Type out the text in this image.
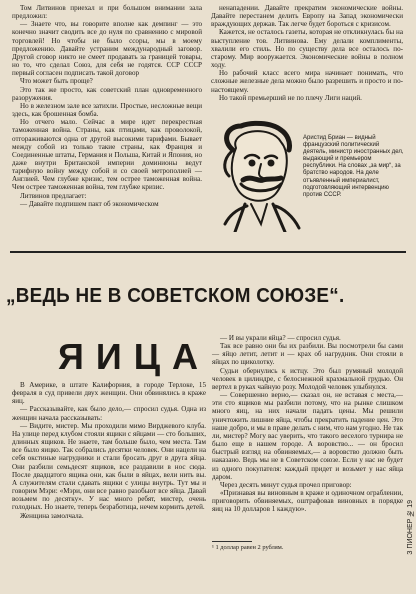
Том Литвинов приехал и при большом внимании зала предложил:

— Знаете что, вы говорите вполне как демпинг — это конечно значит сводить все до нуля по сравнению с мировой торговлей! Но чтобы не было ссоры, мы в моему предложению. Давайте устраним международный заговор. Другой сговор никто не смеет продавать за границей товары, но то, что сделал Союз, для себя не годятся. ССР СССР первый согласен подписать такой договор

Что может быть проще?

Это так же просто, как советский план одновременного разоружения.

Но в железном зале все затихли. Простые, несложные вещи здесь, как брошенная бомба.

Но отчего мало. Сейчас в мире идет перекрестная таможенная война. Страны, как птицами, как проволокой, отгораживаются одна от другой высокими тарифами. Бывает между собой из только такие страны, как Франция и Соединенные штаты, Германия и Польша, Китай и Япония, но даже внутри Британской империи доминионы ведут тарифную войну между собой и со своей метрополией — Англией. Чем глубже кризис, тем острее таможенная война. Чем острее таможенная война, тем глубже кризис.

Литвинов предлагает:

— Давайте подпишем пакт об экономическом

ненападении. Давайте прекратим экономические войны. Давайте перестанем делить Европу на Запад экономически враждующих держав. Так легче будет бороться с кризисом.

Кажется, не осталось газеты, которая не откликнулась бы на выступление тов. Литвинова. Ему делали комплименты, хвалили его стиль. Но по существу дела все осталось по-старому. Мир вооружается. Экономические войны в полном ходу.

Но рабочий класс всего мира начинает понимать, что сложные железные дела можно было разрешить и просто и по-настоящему.

Но такой премьерший не по плечу Лиги наций.

Аристид Бриан — видный французский политический деятель, министр иностранных дел, выдающий и премьером республики. На словах „за мир“, за братство народов. На деле отъявленный империалист, подготовляющий интервенцию против СССР.
„ВЕДЬ НЕ В СОВЕТСКОМ СОЮЗЕ“.
ЯИЦА

В Америке, в штате Калифорния, в городе Терлоке, 15 февраля в суд привели двух женщин. Они обвинялись в краже яиц.

— Рассказывайте, как было дело,— спросил судья. Одна из женщин начала рассказывать:

— Видите, мистер. Мы проходили мимо Вирджевого клуба. На улице перед клубом стояли ящики с яйцами — сто больших, длинных ящиков. Не знаете, там больше было, чем места. Там все было яицко. Так собрались десятки человек. Они нацели на себя окстиные нагрудники и стали бросать друг в друга яйца. Они разбили семьдесят ящиков, все раздавили в нос сюда. После двадцатого ящика они, как были в яйцах, вели нить вы. А служителям стали сдавать ящики с улицы внутрь. Тут мы и говорим Мэри: «Мэри, они все равно разобьют все яйца. Давай возьмем по десятку». У нас много ребят, мистер, очень голодных. Но знаете, теперь безработица, нечем кормить детей.

Женщина замолчала.

— И вы украли яйца? — спросил судья.

Так все равно они бы их разбили. Вы посмотрели бы сами — яйцо летит, летит и — крах об нагрудник. Они стояли в яйцах по щиколотку.

Судьи обернулись к истцу. Это был румяный молодой человек в цилиндре, с белоснежной крахмальной грудью. Он вертел в руках чайную розу. Молодой человек улыбнулся.

— Совершенно верно,— сказал он, не вставая с места,— эти сто ящиков мы разбили потому, что на рынке слишком много яиц, на них начали падать цены. Мы решили уничтожить лишние яйца, чтобы прекратить падение цен. Это наше добро, и мы в праве делать с ним, что нам угодно. Не так ли, мистер? Могу вас уверить, что такого веселого турнира не было еще в нашем городе. А воровство... — он бросил быстрый взгляд на обвиняемых,— а воровство должно быть наказано. Ведь мы не в Советском союзе. Если у нас не будет из одного покупателя: каждый придет и возьмет у нас яйца даром.

Через десять минут судья прочел приговор:

«Признавая вы виновным в краже и одиночном ограблении, приговорить обвиняемых, оштрафовав виновных в порядке яиц на 10 долларов 1 каждую».

¹ 1 доллар равен 2 рублям.	З ПИОНЕР № 19
